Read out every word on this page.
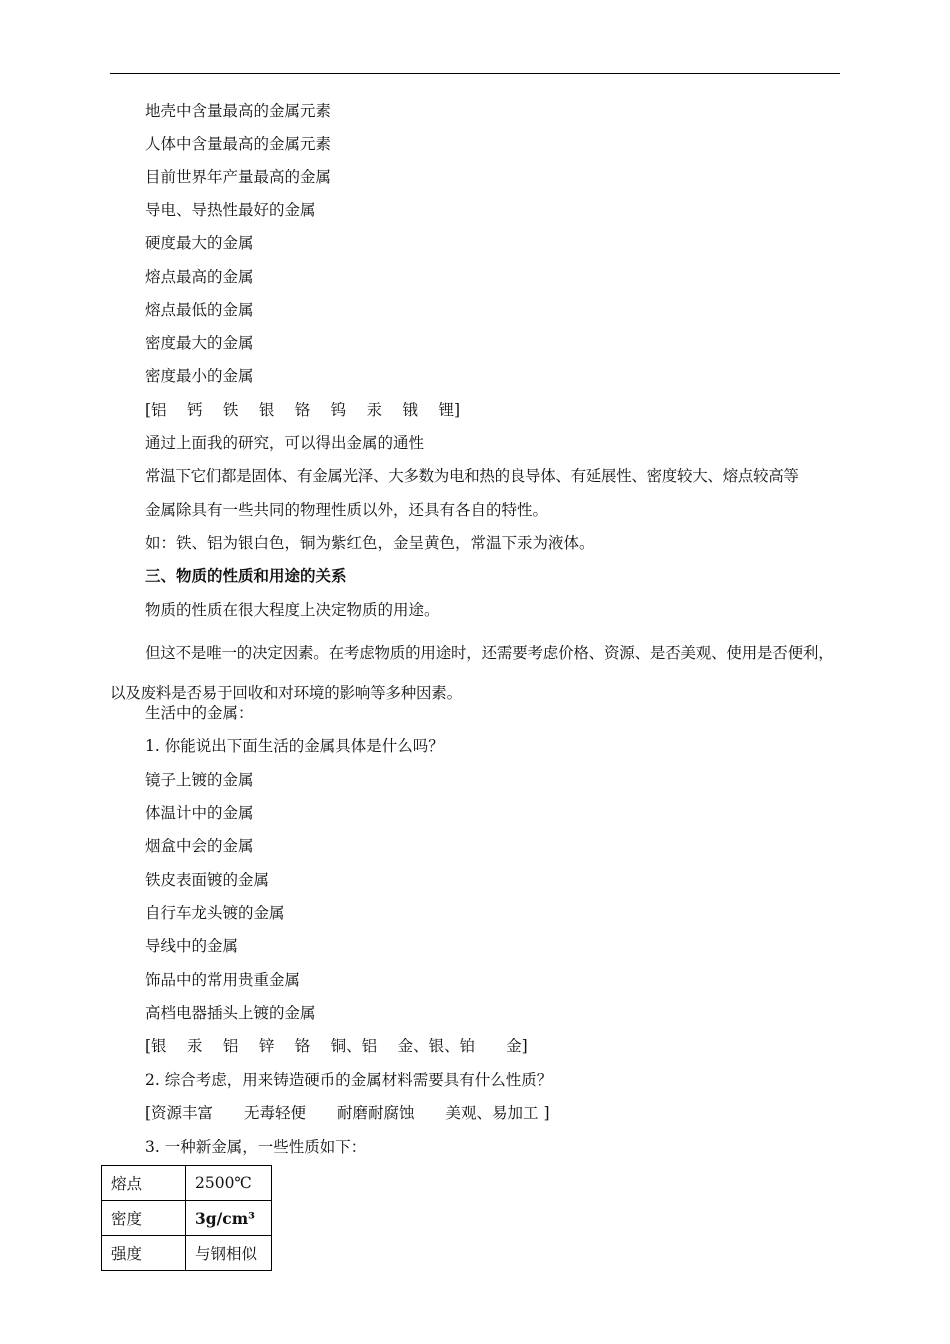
地壳中含量最高的金属元素
人体中含量最高的金属元素
目前世界年产量最高的金属
导电、导热性最好的金属
硬度最大的金属
熔点最高的金属
熔点最低的金属
密度最大的金属
密度最小的金属
[铝　 钙　 铁　 银　 铬　 钨　 汞　 锇　 锂]
通过上面我的研究，可以得出金属的通性
常温下它们都是固体、有金属光泽、大多数为电和热的良导体、有延展性、密度较大、熔点较高等
金属除具有一些共同的物理性质以外，还具有各自的特性。
如：铁、铝为银白色，铜为紫红色，金呈黄色，常温下汞为液体。
三、物质的性质和用途的关系
物质的性质在很大程度上决定物质的用途。
但这不是唯一的决定因素。在考虑物质的用途时，还需要考虑价格、资源、是否美观、使用是否便利，以及废料是否易于回收和对环境的影响等多种因素。
生活中的金属：
1. 你能说出下面生活的金属具体是什么吗？
镜子上镀的金属
体温计中的金属
烟盒中会的金属
铁皮表面镀的金属
自行车龙头镀的金属
导线中的金属
饰品中的常用贵重金属
高档电器插头上镀的金属
[银　 汞　 铝　 锌　 铬　 铜、铝　 金、银、铂　　金]
2. 综合考虑，用来铸造硬币的金属材料需要具有什么性质？
[资源丰富　　无毒轻便　　耐磨耐腐蚀　　美观、易加工 ]
3. 一种新金属，一些性质如下：
熔点	2500℃
密度	3g/cm³
强度	与钢相似
